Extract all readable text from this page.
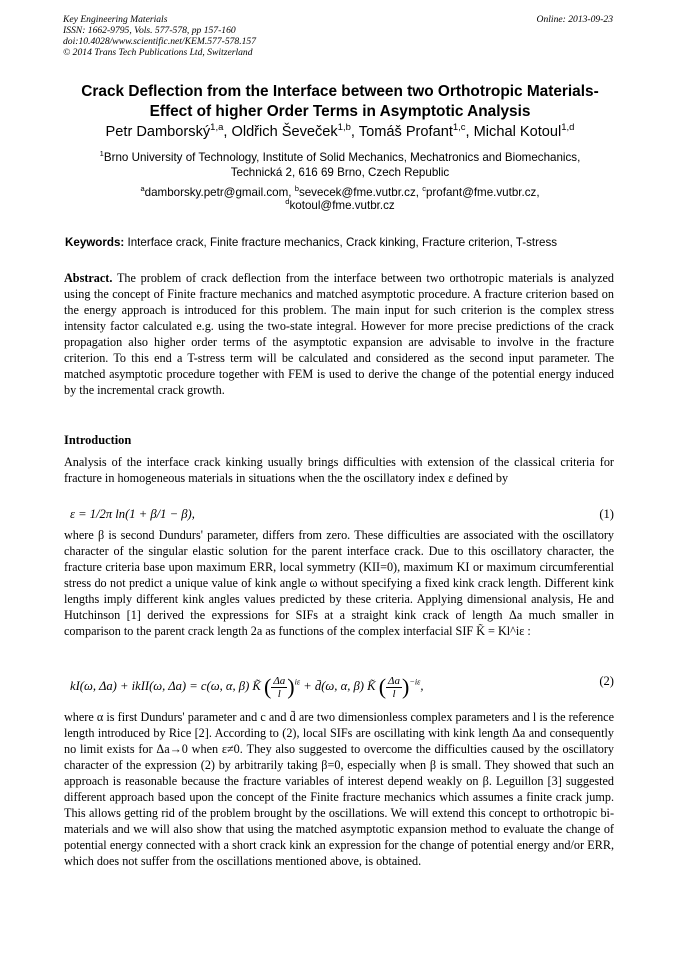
Key Engineering Materials
ISSN: 1662-9795, Vols. 577-578, pp 157-160
doi:10.4028/www.scientific.net/KEM.577-578.157
© 2014 Trans Tech Publications Ltd, Switzerland
Online: 2013-09-23
Crack Deflection from the Interface between two Orthotropic Materials-
Effect of higher Order Terms in Asymptotic Analysis
Petr Damborský$^{1,a}$, Oldřich Ševeček$^{1,b}$, Tomáš Profant$^{1,c}$, Michal Kotoul$^{1,d}$
$^1$Brno University of Technology, Institute of Solid Mechanics, Mechatronics and Biomechanics,
Technická 2, 616 69 Brno, Czech Republic
$^a$damborsky.petr@gmail.com, $^b$sevecek@fme.vutbr.cz, $^c$profant@fme.vutbr.cz,
$^d$kotoul@fme.vutbr.cz
Keywords: Interface crack, Finite fracture mechanics, Crack kinking, Fracture criterion, T-stress
Abstract. The problem of crack deflection from the interface between two orthotropic materials is analyzed using the concept of Finite fracture mechanics and matched asymptotic procedure. A fracture criterion based on the energy approach is introduced for this problem. The main input for such criterion is the complex stress intensity factor calculated e.g. using the two-state integral. However for more precise predictions of the crack propagation also higher order terms of the asymptotic expansion are advisable to involve in the fracture criterion. To this end a T-stress term will be calculated and considered as the second input parameter. The matched asymptotic procedure together with FEM is used to derive the change of the potential energy induced by the incremental crack growth.
Introduction

Analysis of the interface crack kinking usually brings difficulties with extension of the classical criteria for fracture in homogeneous materials in situations when the the oscillatory index ε defined by

ε = 1/2π ln(1 + β/1 − β),	(1)

where β is second Dundurs' parameter, differs from zero. These difficulties are associated with the oscillatory character of the singular elastic solution for the parent interface crack. Due to this oscillatory character, the fracture criteria base upon maximum ERR, local symmetry (KII=0), maximum KI or maximum circumferential stress do not predict a unique value of kink angle ω without specifying a fixed kink crack length. Different kink lengths imply different kink angles values predicted by these criteria. Applying dimensional analysis, He and Hutchinson [1] derived the expressions for SIFs at a straight kink crack of length Δa much smaller in comparison to the parent crack length 2a as functions of the complex interfacial SIF K̃ = Kl^iε :

kI(ω, Δa) + ikII(ω, Δa) = c(ω, α, β) K̃ ( $\frac{\Delta a}{l} )^{i\varepsilon}$ + d̄(ω, α, β) K̃ ( $\frac{\Delta a}{l} )^{-i\varepsilon}$,	(2)

where α is first Dundurs' parameter and c and d̄ are two dimensionless complex parameters and l is the reference length introduced by Rice [2]. According to (2), local SIFs are oscillating with kink length Δa and consequently no limit exists for Δa→0 when ε≠0. They also suggested to overcome the difficulties caused by the oscillatory character of the expression (2) by arbitrarily taking β=0, especially when β is small. They showed that such an approach is reasonable because the fracture variables of interest depend weakly on β. Leguillon [3] suggested different approach based upon the concept of the Finite fracture mechanics which assumes a finite crack jump. This allows getting rid of the problem brought by the oscillations. We will extend this concept to orthotropic bi-materials and we will also show that using the matched asymptotic expansion method to evaluate the change of potential energy connected with a short crack kink an expression for the change of potential energy and/or ERR, which does not suffer from the oscillations mentioned above, is obtained.
